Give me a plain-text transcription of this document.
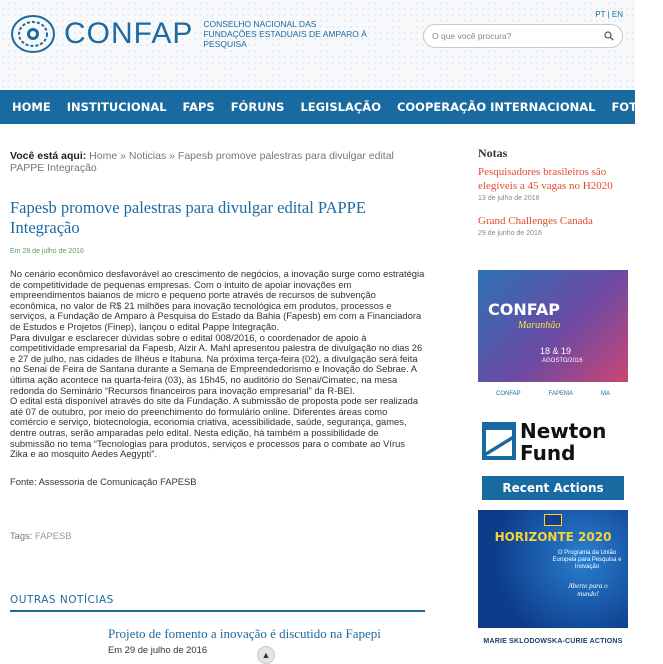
CONFAP CONSELHO NACIONAL DAS
FUNDAÇÕES ESTADUAIS DE AMPARO À PESQUISA
PT | EN
O que você procura?
HOME	INSTITUCIONAL	FAPS	FÓRUNS	LEGISLAÇÃO	COOPERAÇÃO INTERNACIONAL	FOTOS
Você está aqui: Home » Noticias » Fapesb promove palestras para divulgar edital PAPPE Integração
Fapesb promove palestras para divulgar edital PAPPE Integração
Em 28 de julho de 2016

No cenário econômico desfavorável ao crescimento de negócios, a inovação surge como estratégia de competitividade de pequenas empresas. Com o intuito de apoiar inovações em empreendimentos baianos de micro e pequeno porte através de recursos de subvenção econômica, no valor de R$ 21 milhões para inovação tecnológica em produtos, processos e serviços, a Fundação de Amparo à Pesquisa do Estado da Bahia (Fapesb) em com a Financiadora de Estudos e Projetos (Finep), lançou o edital Pappe Integração.

Para divulgar e esclarecer dúvidas sobre o edital 008/2016, o coordenador de apoio à competitividade empresarial da Fapesb, Alzir A. Mahl apresentou palestra de divulgação no dias 26 e 27 de julho, nas cidades de Ilhéus e Itabuna. Na próxima terça-feira (02), a divulgação será feita no Senai de Feira de Santana durante a Semana de Empreendedorismo e Inovação do Sebrae. A última ação acontece na quarta-feira (03), às 15h45, no auditório do Senai/Cimatec, na mesa redonda do Seminário “Recursos financeiros para inovação empresarial” da R-BEI.

O edital está disponível através do site da Fundação. A submissão de proposta pode ser realizada até 07 de outubro, por meio do preenchimento do formulário online. Diferentes áreas como comércio e serviço, biotecnologia, economia criativa, acessibilidade, saúde, segurança, games, dentre outras, serão amparadas pelo edital. Nesta edição, há também a possibilidade de submissão no tema “Tecnologias para produtos, serviços e processos para o combate ao Vírus Zika e ao mosquito Aedes Aegypti”.

Fonte: Assessoria de Comunicação FAPESB
Tags: FAPESB
OUTRAS NOTÍCIAS
Projeto de fomento a inovação é discutido na Fapepi
Em 29 de julho de 2016	▲
Notas
Pesquisadores brasileiros são elegíveis a 45 vagas no H2020
13 de julho de 2016
Grand Challenges Canada
29 de junho de 2016
CONFAP
Maranhão
18 & 19
AGOSTO/2016
CONFAP	FAPEMA	MA
Newton
Fund
Recent Actions
HORIZONTE 2020
O Programa da União Europeia para Pesquisa e Inovação
Aberto para o mundo!
MARIE SKLODOWSKA-CURIE ACTIONS
